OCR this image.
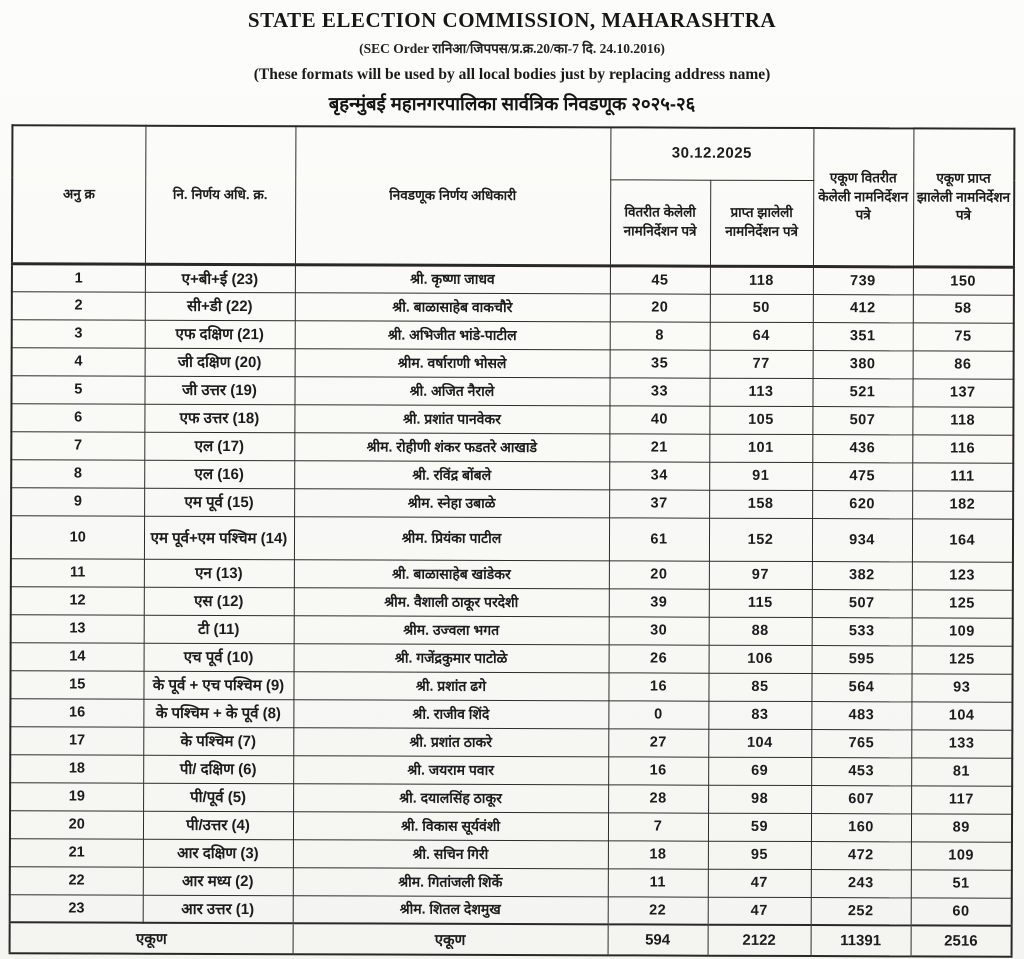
STATE ELECTION COMMISSION, MAHARASHTRA
(SEC Order रानिआ/जिपपस/प्र.क्र.20/का-7 दि. 24.10.2016)
(These formats will be used by all local bodies just by replacing address name)
बृहन्मुंबई महानगरपालिका सार्वत्रिक निवडणूक २०२५-२६
अनु क्र	नि. निर्णय अधि. क्र.	निवडणूक निर्णय अधिकारी	30.12.2025		एकूण वितरीत केलेली नामनिर्देशन पत्रे	एकूण प्राप्त झालेली नामनिर्देशन पत्रे
			वितरीत केलेली नामनिर्देशन पत्रे	प्राप्त झालेली नामनिर्देशन पत्रे		
1	ए+बी+ई (23)	श्री. कृष्णा जाधव	45	118	739	150
2	सी+डी (22)	श्री. बाळासाहेब वाकचौरे	20	50	412	58
3	एफ दक्षिण (21)	श्री. अभिजीत भांडे-पाटील	8	64	351	75
4	जी दक्षिण (20)	श्रीम. वर्षाराणी भोसले	35	77	380	86
5	जी उत्तर (19)	श्री. अजित नैराले	33	113	521	137
6	एफ उत्तर (18)	श्री. प्रशांत पानवेकर	40	105	507	118
7	एल (17)	श्रीम. रोहीणी शंकर फडतरे आखाडे	21	101	436	116
8	एल (16)	श्री. रविंद्र बोंबले	34	91	475	111
9	एम पूर्व (15)	श्रीम. स्नेहा उबाळे	37	158	620	182
10	एम पूर्व+एम पश्चिम (14)	श्रीम. प्रियंका पाटील	61	152	934	164
11	एन (13)	श्री. बाळासाहेब खांडेकर	20	97	382	123
12	एस (12)	श्रीम. वैशाली ठाकूर परदेशी	39	115	507	125
13	टी (11)	श्रीम. उज्वला भगत	30	88	533	109
14	एच पूर्व (10)	श्री. गजेंद्रकुमार पाटोळे	26	106	595	125
15	के पूर्व + एच पश्चिम (9)	श्री. प्रशांत ढगे	16	85	564	93
16	के पश्चिम + के पूर्व (8)	श्री. राजीव शिंदे	0	83	483	104
17	के पश्चिम (7)	श्री. प्रशांत ठाकरे	27	104	765	133
18	पी/ दक्षिण (6)	श्री. जयराम पवार	16	69	453	81
19	पी/पूर्व (5)	श्री. दयालसिंह ठाकूर	28	98	607	117
20	पी/उत्तर (4)	श्री. विकास सूर्यवंशी	7	59	160	89
21	आर दक्षिण (3)	श्री. सचिन गिरी	18	95	472	109
22	आर मध्य (2)	श्रीम. गितांजली शिर्के	11	47	243	51
23	आर उत्तर (1)	श्रीम. शितल देशमुख	22	47	252	60
एकूण		एकूण	594	2122	11391	2516
